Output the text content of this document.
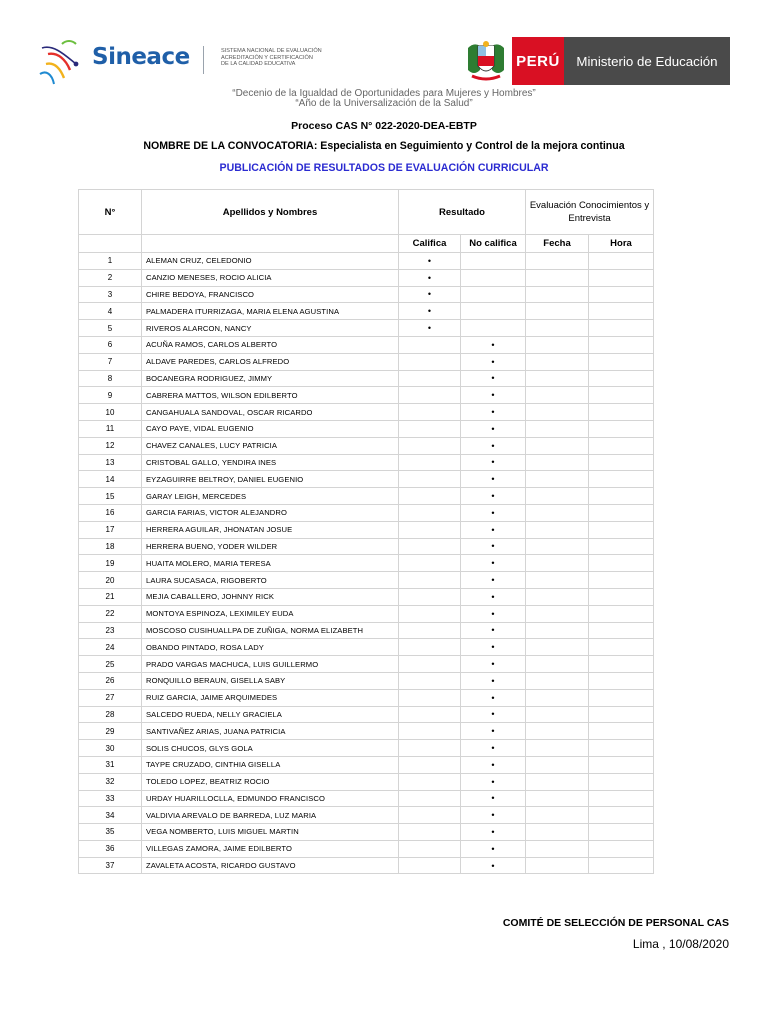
Sineace	SISTEMA NACIONAL DE EVALUACIÓN
ACREDITACIÓN Y CERTIFICACIÓN
DE LA CALIDAD EDUCATIVA	PERÚ	Ministerio de Educación
“Decenio de la Igualdad de Oportunidades para Mujeres y Hombres”
“Año de la Universalización de la Salud”
Proceso CAS N° 022-2020-DEA-EBTP
NOMBRE DE LA CONVOCATORIA: Especialista en Seguimiento y Control de la mejora continua
PUBLICACIÓN DE RESULTADOS DE EVALUACIÓN CURRICULAR
N°	Apellidos y Nombres	Resultado		Evaluación Conocimientos y Entrevista	
		Califica	No califica	Fecha	Hora
1	ALEMAN CRUZ, CELEDONIO	•			
2	CANZIO MENESES, ROCIO ALICIA	•			
3	CHIRE BEDOYA, FRANCISCO	•			
4	PALMADERA ITURRIZAGA, MARIA ELENA AGUSTINA	•			
5	RIVEROS ALARCON, NANCY	•			
6	ACUÑA RAMOS, CARLOS ALBERTO		•		
7	ALDAVE PAREDES, CARLOS ALFREDO		•		
8	BOCANEGRA RODRIGUEZ, JIMMY		•		
9	CABRERA MATTOS, WILSON EDILBERTO		•		
10	CANGAHUALA SANDOVAL, OSCAR RICARDO		•		
11	CAYO PAYE, VIDAL EUGENIO		•		
12	CHAVEZ CANALES, LUCY PATRICIA		•		
13	CRISTOBAL GALLO, YENDIRA INES		•		
14	EYZAGUIRRE BELTROY, DANIEL EUGENIO		•		
15	GARAY LEIGH, MERCEDES		•		
16	GARCIA FARIAS, VICTOR ALEJANDRO		•		
17	HERRERA AGUILAR, JHONATAN JOSUE		•		
18	HERRERA BUENO, YODER WILDER		•		
19	HUAITA MOLERO, MARIA TERESA		•		
20	LAURA SUCASACA, RIGOBERTO		•		
21	MEJIA CABALLERO, JOHNNY RICK		•		
22	MONTOYA ESPINOZA, LEXIMILEY EUDA		•		
23	MOSCOSO CUSIHUALLPA DE ZUÑIGA, NORMA ELIZABETH		•		
24	OBANDO PINTADO, ROSA LADY		•		
25	PRADO VARGAS MACHUCA, LUIS GUILLERMO		•		
26	RONQUILLO BERAUN, GISELLA SABY		•		
27	RUIZ GARCIA, JAIME ARQUIMEDES		•		
28	SALCEDO RUEDA, NELLY GRACIELA		•		
29	SANTIVAÑEZ ARIAS, JUANA PATRICIA		•		
30	SOLIS CHUCOS, GLYS GOLA		•		
31	TAYPE CRUZADO, CINTHIA GISELLA		•		
32	TOLEDO LOPEZ, BEATRIZ ROCIO		•		
33	URDAY HUARILLOCLLA, EDMUNDO FRANCISCO		•		
34	VALDIVIA AREVALO DE BARREDA, LUZ MARIA		•		
35	VEGA NOMBERTO, LUIS MIGUEL MARTIN		•		
36	VILLEGAS ZAMORA, JAIME EDILBERTO		•		
37	ZAVALETA ACOSTA, RICARDO GUSTAVO		•		
COMITÉ DE SELECCIÓN DE PERSONAL CAS
Lima , 10/08/2020
